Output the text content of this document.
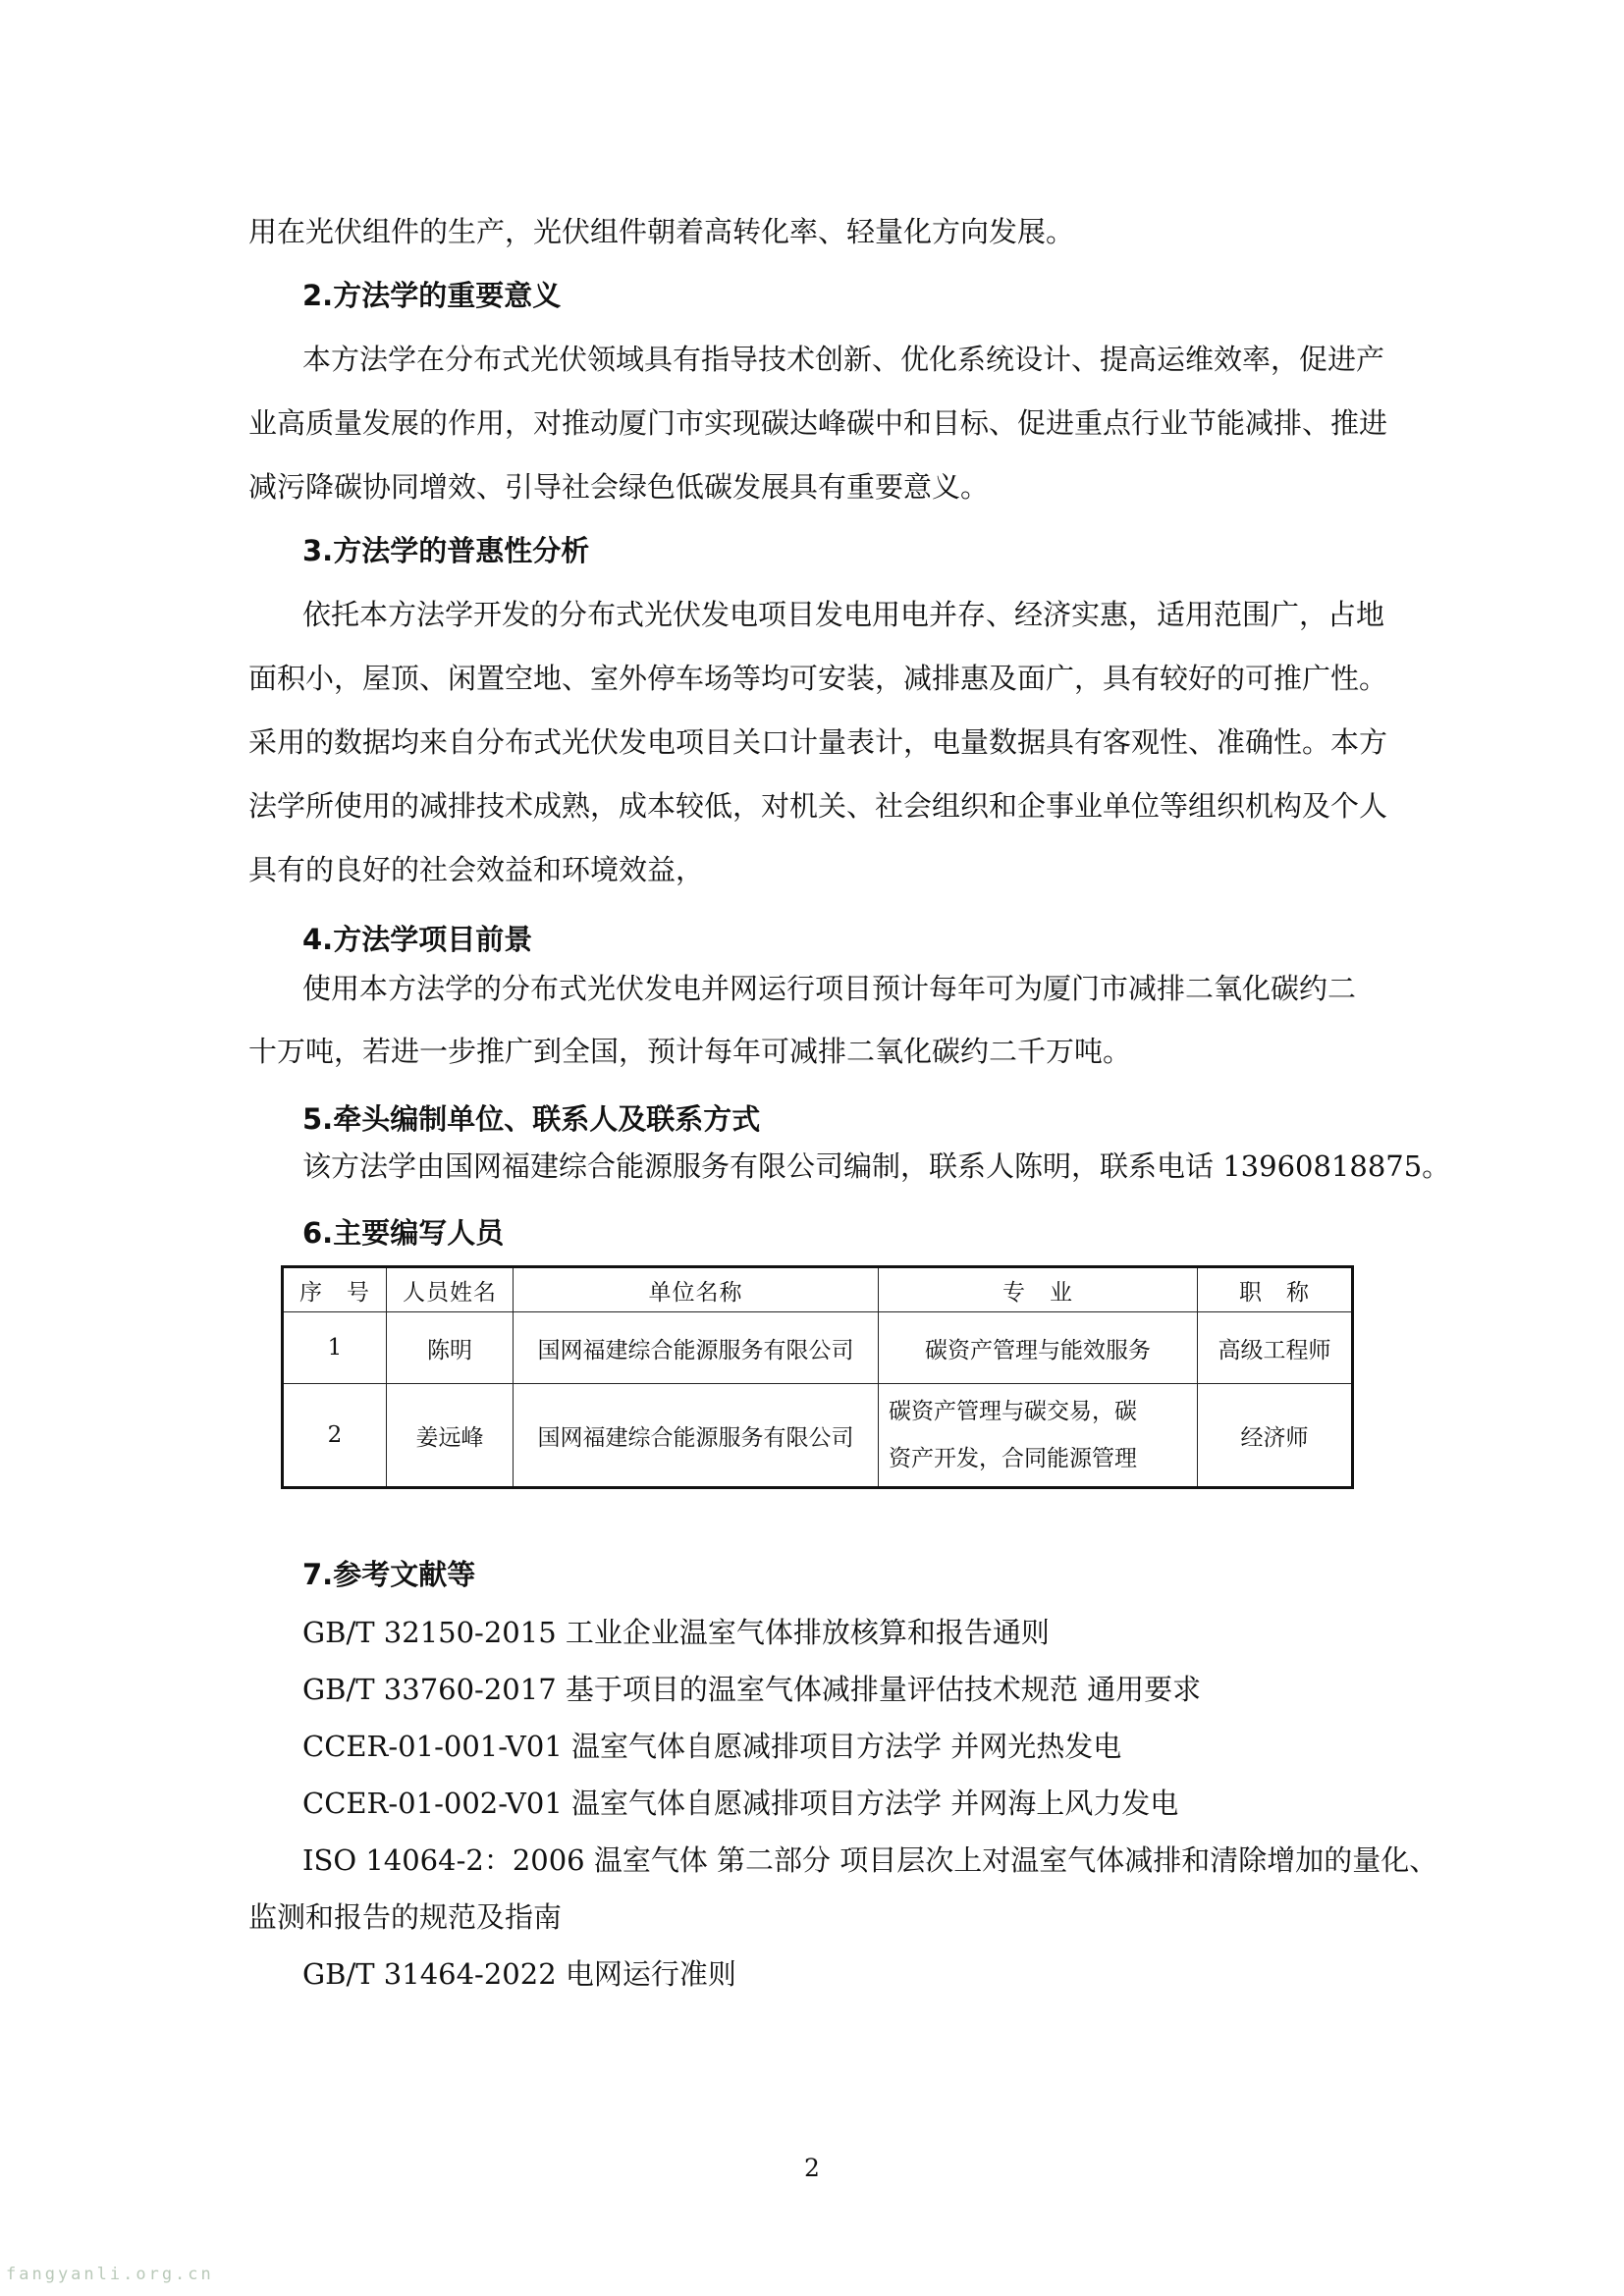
用在光伏组件的生产，光伏组件朝着高转化率、轻量化方向发展。
2.方法学的重要意义
本方法学在分布式光伏领域具有指导技术创新、优化系统设计、提高运维效率，促进产
业高质量发展的作用，对推动厦门市实现碳达峰碳中和目标、促进重点行业节能减排、推进
减污降碳协同增效、引导社会绿色低碳发展具有重要意义。
3.方法学的普惠性分析
依托本方法学开发的分布式光伏发电项目发电用电并存、经济实惠，适用范围广，占地
面积小，屋顶、闲置空地、室外停车场等均可安装，减排惠及面广，具有较好的可推广性。
采用的数据均来自分布式光伏发电项目关口计量表计，电量数据具有客观性、准确性。本方
法学所使用的减排技术成熟，成本较低，对机关、社会组织和企事业单位等组织机构及个人
具有的良好的社会效益和环境效益，
4.方法学项目前景
使用本方法学的分布式光伏发电并网运行项目预计每年可为厦门市减排二氧化碳约二
十万吨，若进一步推广到全国，预计每年可减排二氧化碳约二千万吨。
5.牵头编制单位、联系人及联系方式
该方法学由国网福建综合能源服务有限公司编制，联系人陈明，联系电话 13960818875。
6.主要编写人员
序　号	人员姓名	单位名称	专　业	职　称
1	陈明	国网福建综合能源服务有限公司	碳资产管理与能效服务	高级工程师
2	姜远峰	国网福建综合能源服务有限公司	碳资产管理与碳交易，碳
资产开发，合同能源管理	经济师
7.参考文献等
GB/T 32150-2015 工业企业温室气体排放核算和报告通则
GB/T 33760-2017 基于项目的温室气体减排量评估技术规范 通用要求
CCER-01-001-V01 温室气体自愿减排项目方法学 并网光热发电
CCER-01-002-V01 温室气体自愿减排项目方法学 并网海上风力发电
ISO 14064-2：2006 温室气体 第二部分 项目层次上对温室气体减排和清除增加的量化、
监测和报告的规范及指南
GB/T 31464-2022 电网运行准则
2
fangyanli.org.cn
